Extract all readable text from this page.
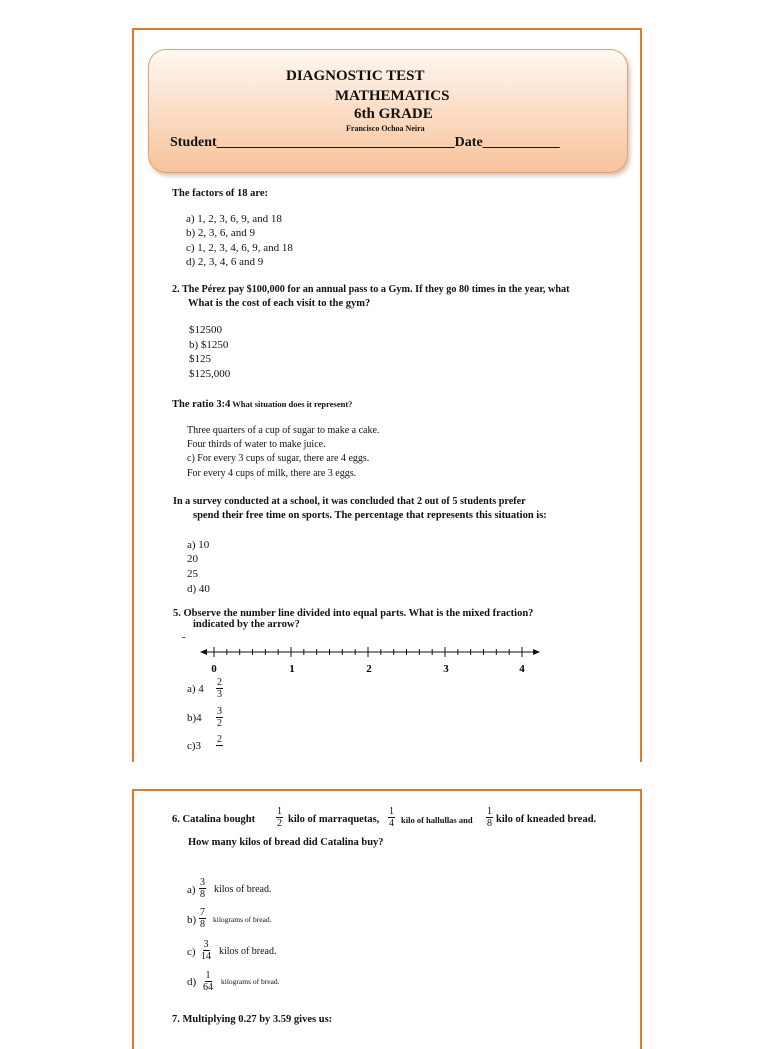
DIAGNOSTIC TEST
MATHEMATICS
6th GRADE
Francisco Ochoa Neira
Student__________________________________Date___________
The factors of 18 are:
a) 1, 2, 3, 6, 9, and 18
b) 2, 3, 6, and 9
c) 1, 2, 3, 4, 6, 9, and 18
d) 2, 3, 4, 6 and 9
2. The Pérez pay $100,000 for an annual pass to a Gym. If they go 80 times in the year, what
What is the cost of each visit to the gym?
$12500
b) $1250
$125
$125,000
The ratio 3:4 What situation does it represent?
Three quarters of a cup of sugar to make a cake.
Four thirds of water to make juice.
c) For every 3 cups of sugar, there are 4 eggs.
For every 4 cups of milk, there are 3 eggs.
In a survey conducted at a school, it was concluded that 2 out of 5 students prefer
spend their free time on sports. The percentage that represents this situation is:
a) 10
20
25
d) 40
5. Observe the number line divided into equal parts. What is the mixed fraction?
indicated by the arrow?
- ⃞
0	1	2	3	4
a) $4 \frac{2}{3}$
$b)4 \frac{3}{2}$
c)3
2
6. Catalina bought $\frac{1}{2}$ kilo of marraquetas, $\frac{1}{4}$ kilo of hallullas and $\frac{1}{8}$ kilo of kneaded bread.
How many kilos of bread did Catalina buy?
$a) \frac{3}{8}$ kilos of bread.
$b) \frac{7}{8}$ kilograms of bread.
$c) \frac{3}{14}$ kilos of bread.
$d) \frac{1}{64}$ kilograms of bread.
7. Multiplying 0.27 by 3.59 gives us:
